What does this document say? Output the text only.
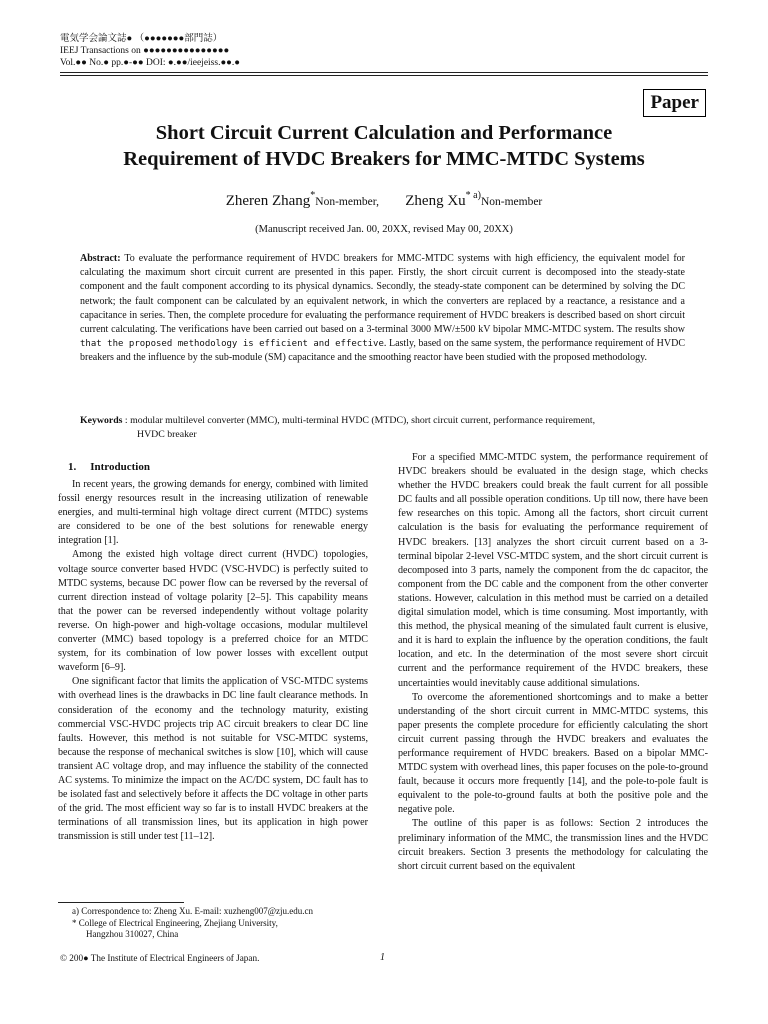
電気学会論文誌● （●●●●●●●部門誌）
IEEJ Transactions on ●●●●●●●●●●●●●●●
Vol.●● No.● pp.●-●● DOI: ●.●●/ieejeiss.●●.●
Paper
Short Circuit Current Calculation and Performance
Requirement of HVDC Breakers for MMC-MTDC Systems
Zheren Zhang*Non-member, Zheng Xu$^{* a)}$Non-member
(Manuscript received Jan. 00, 20XX, revised May 00, 20XX)
Abstract: To evaluate the performance requirement of HVDC breakers for MMC-MTDC systems with high efficiency, the equivalent model for calculating the maximum short circuit current are presented in this paper. Firstly, the short circuit current is decomposed into the steady-state component and the fault component according to its physical dynamics. Secondly, the steady-state component can be determined by solving the DC network; the fault component can be calculated by an equivalent network, in which the converters are replaced by a reactance, a resistance and a capacitance in series. Then, the complete procedure for evaluating the performance requirement of HVDC breakers is described based on short circuit current calculating. The verifications have been carried out based on a 3-terminal 3000 MW/±500 kV bipolar MMC-MTDC system. The results show that the proposed methodology is efficient and effective. Lastly, based on the same system, the performance requirement of HVDC breakers and the influence by the sub-module (SM) capacitance and the smoothing reactor have been studied with the proposed methodology.
Keywords : modular multilevel converter (MMC), multi-terminal HVDC (MTDC), short circuit current, performance requirement,
HVDC breaker
1. Introduction

In recent years, the growing demands for energy, combined with limited fossil energy resources result in the increasing utilization of renewable energies, and multi-terminal high voltage direct current (MTDC) systems are considered to be one of the best solutions for renewable energy integration [1].

Among the existed high voltage direct current (HVDC) topologies, voltage source converter based HVDC (VSC-HVDC) is perfectly suited to MTDC systems, because DC power flow can be reversed by the reversal of current direction instead of voltage polarity [2–5]. This capability means that the power can be reversed independently without voltage polarity reverse. On high-power and high-voltage occasions, modular multilevel converter (MMC) based topology is a preferred choice for an MTDC system, for its combination of low power losses with excellent output waveform [6–9].

One significant factor that limits the application of VSC-MTDC systems with overhead lines is the drawbacks in DC line fault clearance methods. In consideration of the economy and the technology maturity, existing commercial VSC-HVDC projects trip AC circuit breakers to clear DC line faults. However, this method is not suitable for VSC-MTDC systems, because the response of mechanical switches is slow [10], which will cause transient AC voltage drop, and may influence the stability of the connected AC systems. To minimize the impact on the AC/DC system, DC fault has to be isolated fast and selectively before it affects the DC voltage in other parts of the grid. The most efficient way so far is to install HVDC breakers at the terminations of all transmission lines, but its application in high power transmission is still under test [11–12].

For a specified MMC-MTDC system, the performance requirement of HVDC breakers should be evaluated in the design stage, which checks whether the HVDC breakers could break the fault current for all possible DC faults and all possible operation conditions. Up till now, there have been few researches on this topic. Among all the factors, short circuit current calculation is the basis for evaluating the performance requirement of HVDC breakers. [13] analyzes the short circuit current based on a 3-terminal bipolar 2-level VSC-MTDC system, and the short circuit current is decomposed into 3 parts, namely the component from the dc capacitor, the component from the DC cable and the component from the other converter stations. However, calculation in this method must be carried on a detailed digital simulation model, which is time consuming. Most importantly, with this method, the physical meaning of the simulated fault current is elusive, and it is hard to explain the influence by the operation conditions, the fault location, and etc. In the determination of the most severe short circuit current and the performance requirement of the HVDC breakers, these uncertainties would inevitably cause additional simulations.

To overcome the aforementioned shortcomings and to make a better understanding of the short circuit current in MMC-MTDC systems, this paper presents the complete procedure for efficiently calculating the short circuit current passing through the HVDC breakers and evaluates the performance requirement of HVDC breakers. Based on a bipolar MMC-MTDC system with overhead lines, this paper focuses on the pole-to-ground fault, because it occurs more frequently [14], and the pole-to-pole fault is equivalent to the pole-to-ground faults at both the positive pole and the negative pole.

The outline of this paper is as follows: Section 2 introduces the preliminary information of the MMC, the transmission lines and the HVDC circuit breakers. Section 3 presents the methodology for calculating the short circuit current based on the equivalent

a) Correspondence to: Zheng Xu. E-mail: xuzheng007@zju.edu.cn
* College of Electrical Engineering, Zhejiang University,
Hangzhou 310027, China
© 200● The Institute of Electrical Engineers of Japan.	1
